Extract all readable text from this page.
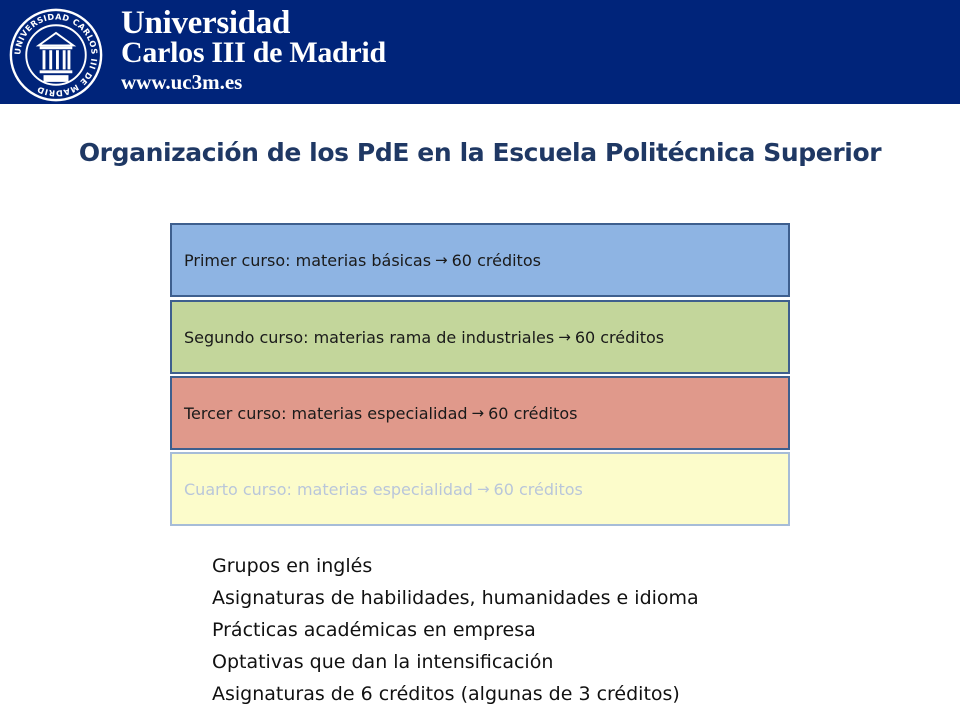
UNIVERSIDAD CARLOS III DE MADRID
Universidad
Carlos III de Madrid
www.uc3m.es
Organización de los PdE en la Escuela Politécnica Superior
Primer curso: materias básicas → 60 créditos
Segundo curso: materias rama de industriales → 60 créditos
Tercer curso: materias especialidad → 60 créditos
Cuarto curso: materias especialidad → 60 créditos
Grupos en inglés
Asignaturas de habilidades, humanidades e idioma
Prácticas académicas en empresa
Optativas que dan la intensificación
Asignaturas de 6 créditos (algunas de 3 créditos)
